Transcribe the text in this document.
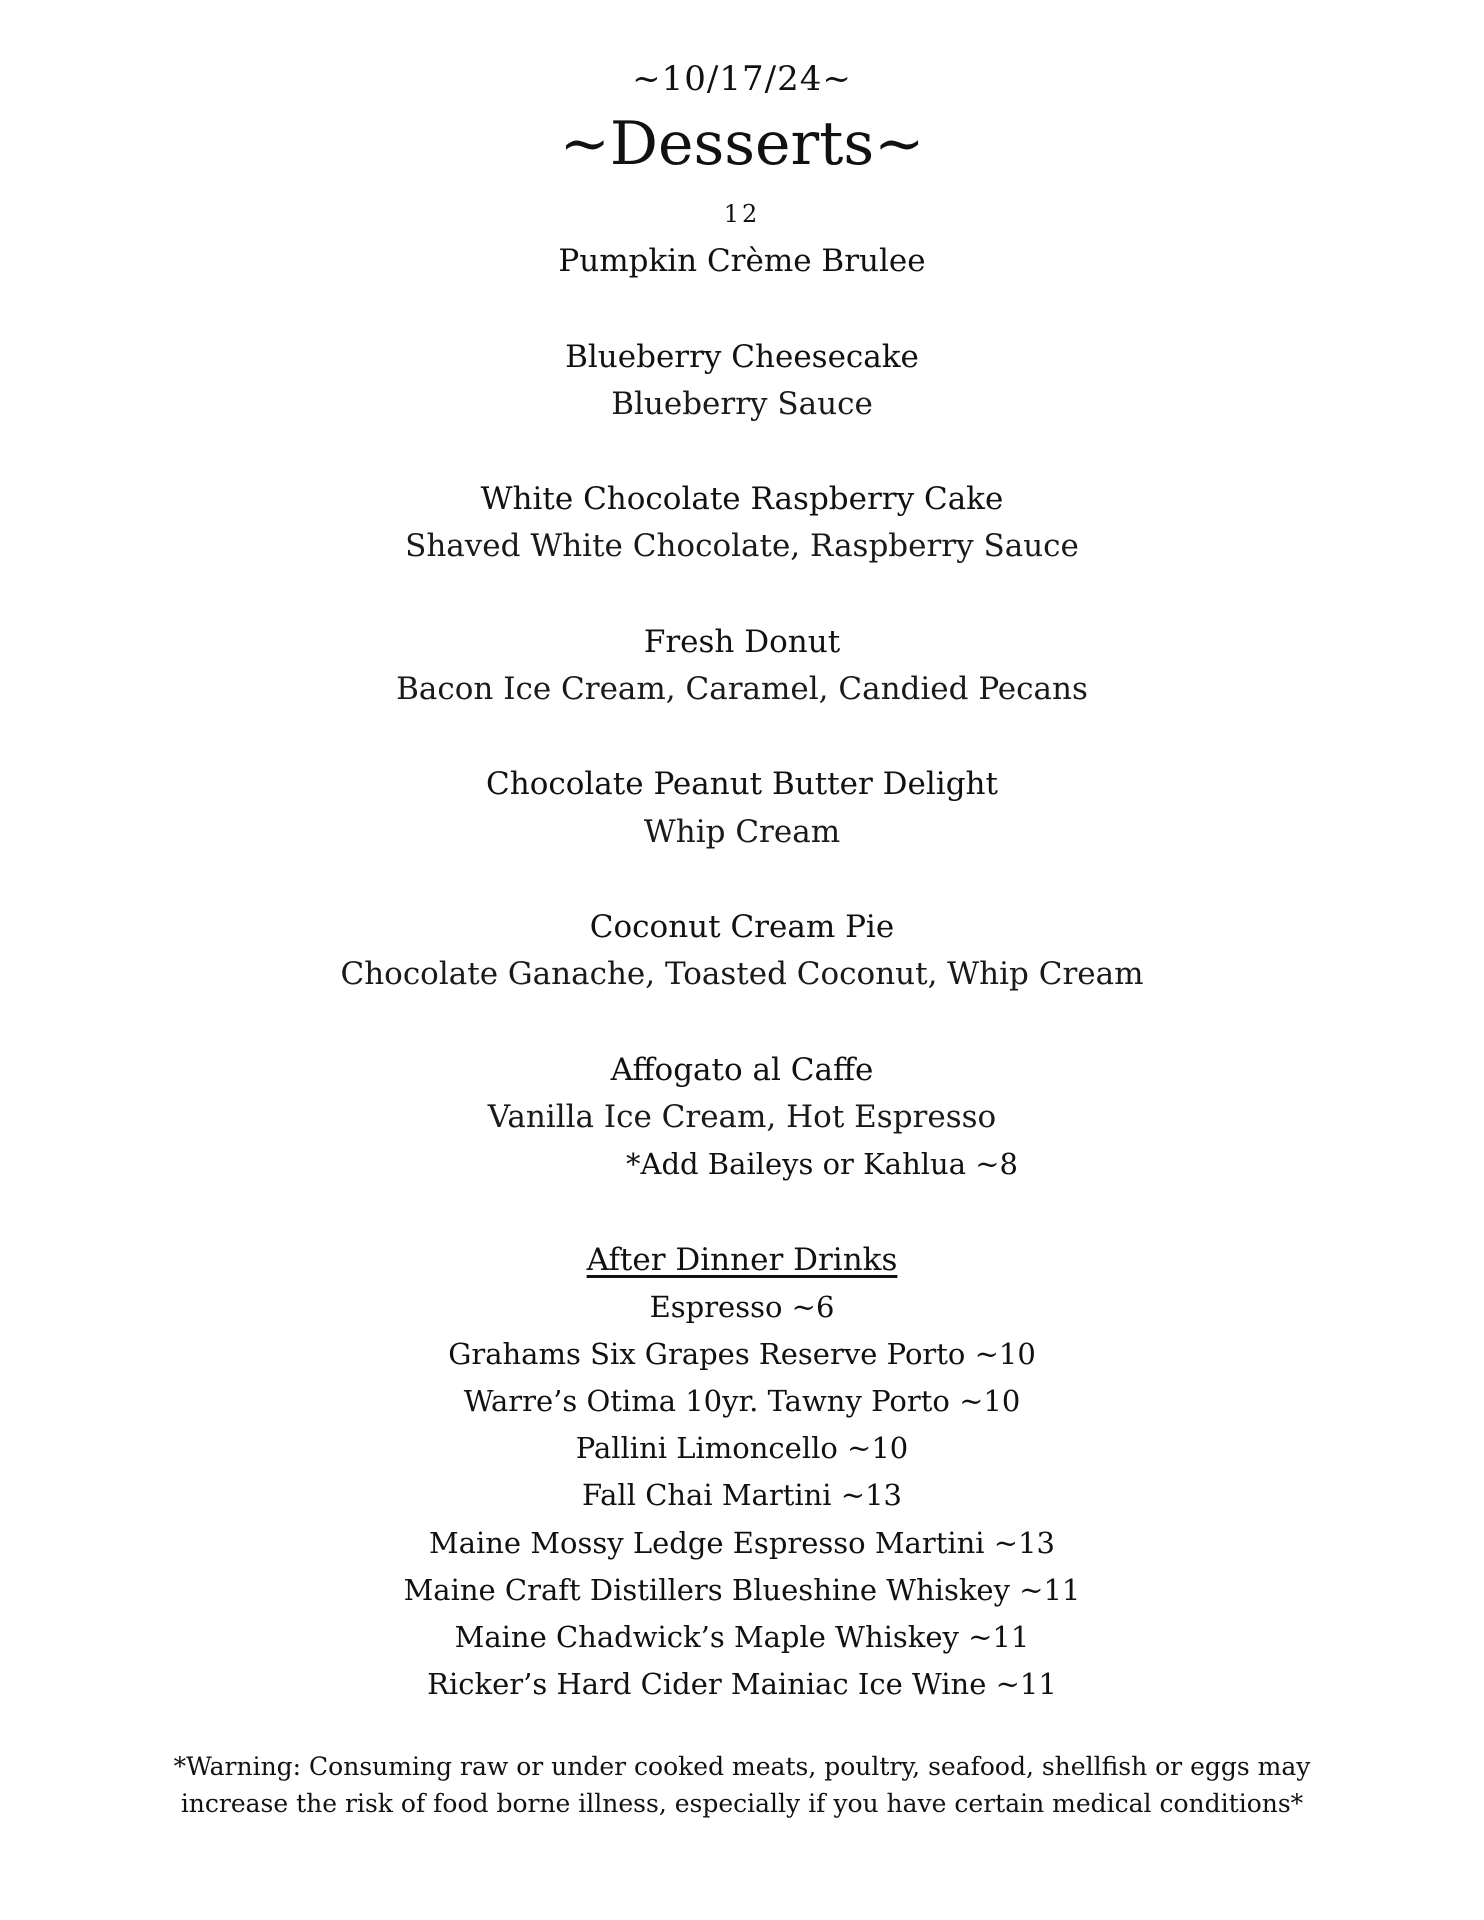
~10/17/24~
~Desserts~
12
Pumpkin Crème Brulee
Blueberry Cheesecake
Blueberry Sauce
White Chocolate Raspberry Cake
Shaved White Chocolate, Raspberry Sauce
Fresh Donut
Bacon Ice Cream, Caramel, Candied Pecans
Chocolate Peanut Butter Delight
Whip Cream
Coconut Cream Pie
Chocolate Ganache, Toasted Coconut, Whip Cream
Affogato al Caffe
Vanilla Ice Cream, Hot Espresso
*Add Baileys or Kahlua ~8
After Dinner Drinks
Espresso ~6
Grahams Six Grapes Reserve Porto ~10
Warre’s Otima 10yr. Tawny Porto ~10
Pallini Limoncello ~10
Fall Chai Martini ~13
Maine Mossy Ledge Espresso Martini ~13
Maine Craft Distillers Blueshine Whiskey ~11
Maine Chadwick’s Maple Whiskey ~11
Ricker’s Hard Cider Mainiac Ice Wine ~11
*Warning: Consuming raw or under cooked meats, poultry, seafood, shellfish or eggs may
increase the risk of food borne illness, especially if you have certain medical conditions*
